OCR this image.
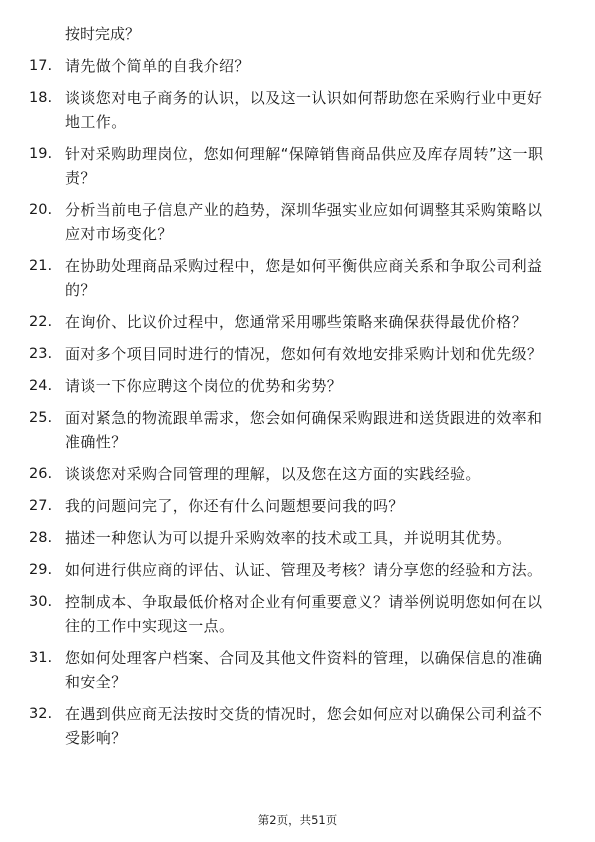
按时完成？
17. 请先做个简单的自我介绍？
18. 谈谈您对电子商务的认识，以及这一认识如何帮助您在采购行业中更好地工作。
19. 针对采购助理岗位，您如何理解“保障销售商品供应及库存周转”这一职责？
20. 分析当前电子信息产业的趋势，深圳华强实业应如何调整其采购策略以应对市场变化？
21. 在协助处理商品采购过程中，您是如何平衡供应商关系和争取公司利益的？
22. 在询价、比议价过程中，您通常采用哪些策略来确保获得最优价格？
23. 面对多个项目同时进行的情况，您如何有效地安排采购计划和优先级？
24. 请谈一下你应聘这个岗位的优势和劣势？
25. 面对紧急的物流跟单需求，您会如何确保采购跟进和送货跟进的效率和准确性？
26. 谈谈您对采购合同管理的理解，以及您在这方面的实践经验。
27. 我的问题问完了，你还有什么问题想要问我的吗？
28. 描述一种您认为可以提升采购效率的技术或工具，并说明其优势。
29. 如何进行供应商的评估、认证、管理及考核？请分享您的经验和方法。
30. 控制成本、争取最低价格对企业有何重要意义？请举例说明您如何在以往的工作中实现这一点。
31. 您如何处理客户档案、合同及其他文件资料的管理，以确保信息的准确和安全？
32. 在遇到供应商无法按时交货的情况时，您会如何应对以确保公司利益不受影响？
第2页，共51页
